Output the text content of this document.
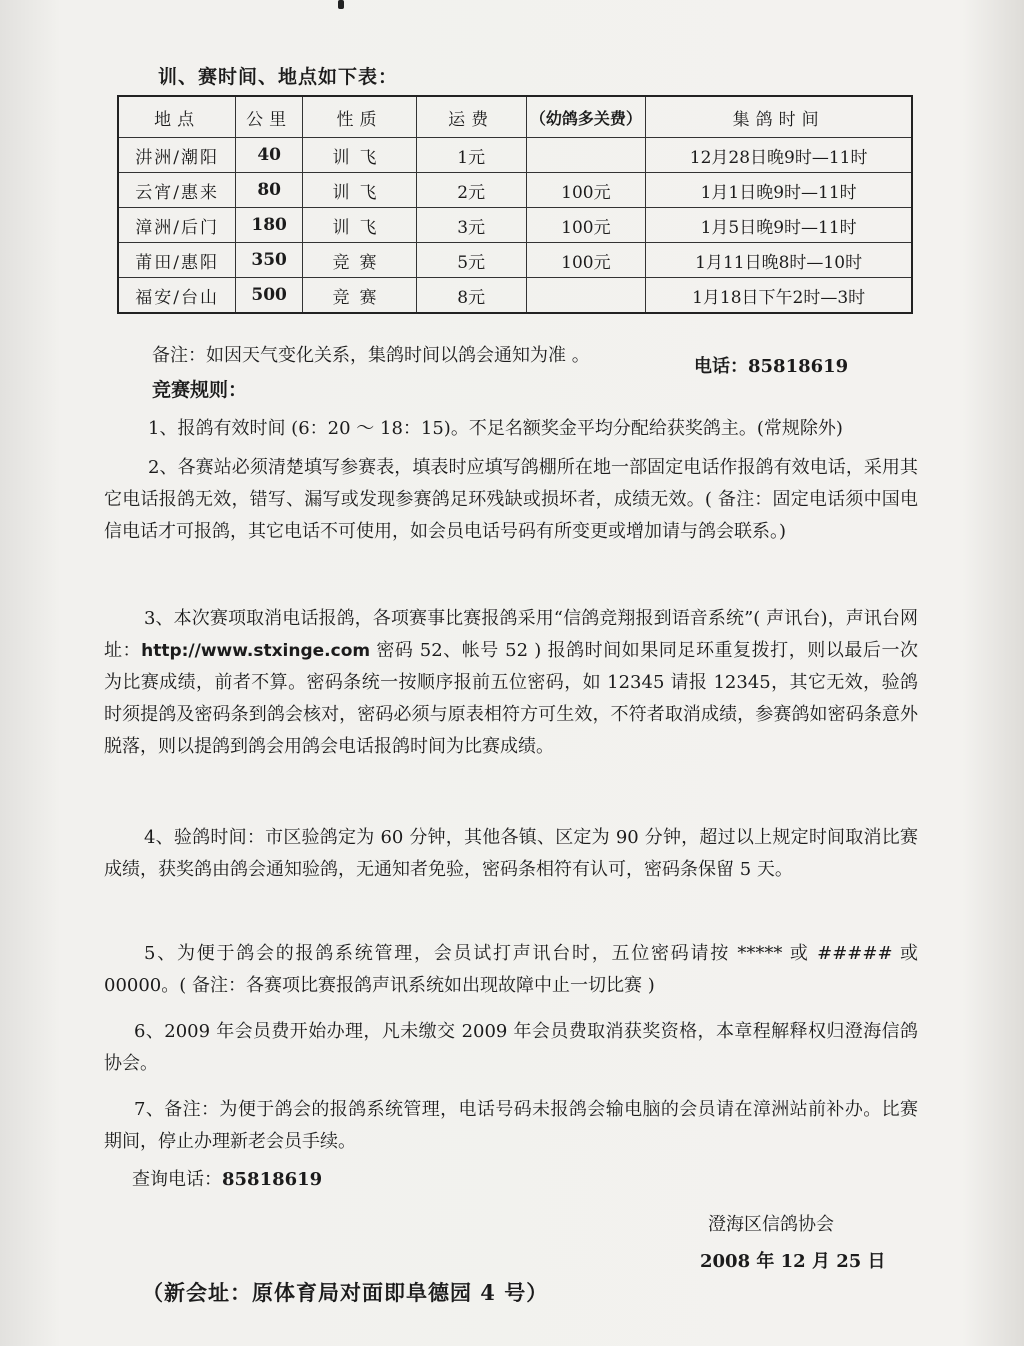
训、赛时间、地点如下表：
地点	公里	性质	运费	（幼鸽多关费）	集鸽时间
汫洲/潮阳	40	训飞	1元		12月28日晚9时—11时
云宵/惠来	80	训飞	2元	100元	1月1日晚9时—11时
漳洲/后门	180	训飞	3元	100元	1月5日晚9时—11时
莆田/惠阳	350	竞赛	5元	100元	1月11日晚8时—10时
福安/台山	500	竞赛	8元		1月18日下午2时—3时
备注：如因天气变化关系，集鸽时间以鸽会通知为准 。
电话：85818619
竞赛规则：
1、报鸽有效时间 (6：20 ～ 18：15)。不足名额奖金平均分配给获奖鸽主。(常规除外)
2、各赛站必须清楚填写参赛表，填表时应填写鸽棚所在地一部固定电话作报鸽有效电话，采用其它电话报鸽无效，错写、漏写或发现参赛鸽足环残缺或损坏者，成绩无效。( 备注：固定电话须中国电信电话才可报鸽，其它电话不可使用，如会员电话号码有所变更或增加请与鸽会联系。)
3、本次赛项取消电话报鸽，各项赛事比赛报鸽采用“信鸽竞翔报到语音系统”( 声讯台)，声讯台网址：http://www.stxinge.com 密码 52、帐号 52 ) 报鸽时间如果同足环重复拨打，则以最后一次为比赛成绩，前者不算。密码条统一按顺序报前五位密码，如 12345 请报 12345，其它无效，验鸽时须提鸽及密码条到鸽会核对，密码必须与原表相符方可生效，不符者取消成绩，参赛鸽如密码条意外脱落，则以提鸽到鸽会用鸽会电话报鸽时间为比赛成绩。
4、验鸽时间：市区验鸽定为 60 分钟，其他各镇、区定为 90 分钟，超过以上规定时间取消比赛成绩，获奖鸽由鸽会通知验鸽，无通知者免验，密码条相符有认可，密码条保留 5 天。
5、为便于鸽会的报鸽系统管理，会员试打声讯台时，五位密码请按 ***** 或 ##### 或 00000。( 备注：各赛项比赛报鸽声讯系统如出现故障中止一切比赛 )
6、2009 年会员费开始办理，凡未缴交 2009 年会员费取消获奖资格，本章程解释权归澄海信鸽协会。
7、备注：为便于鸽会的报鸽系统管理，电话号码未报鸽会输电脑的会员请在漳洲站前补办。比赛期间，停止办理新老会员手续。
查询电话：85818619
澄海区信鸽协会
2008 年 12 月 25 日
（新会址：原体育局对面即阜德园 4 号）
